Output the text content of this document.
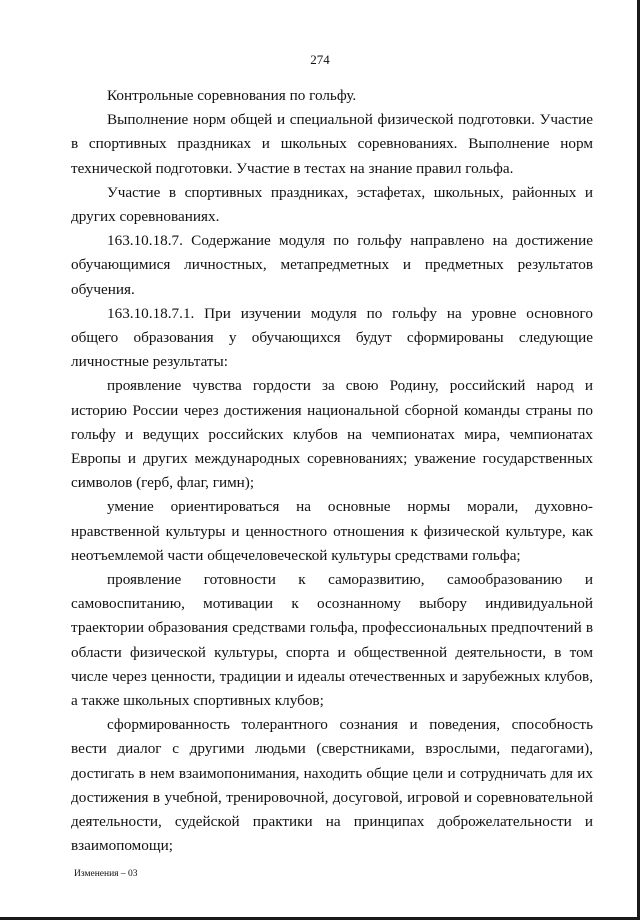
274

Контрольные соревнования по гольфу.

Выполнение норм общей и специальной физической подготовки. Участие в спортивных праздниках и школьных соревнованиях. Выполнение норм технической подготовки. Участие в тестах на знание правил гольфа.

Участие в спортивных праздниках, эстафетах, школьных, районных и других соревнованиях.

163.10.18.7. Содержание модуля по гольфу направлено на достижение обучающимися личностных, метапредметных и предметных результатов обучения.

163.10.18.7.1. При изучении модуля по гольфу на уровне основного общего образования у обучающихся будут сформированы следующие личностные результаты:

проявление чувства гордости за свою Родину, российский народ и историю России через достижения национальной сборной команды страны по гольфу и ведущих российских клубов на чемпионатах мира, чемпионатах Европы и других международных соревнованиях; уважение государственных символов (герб, флаг, гимн);

умение ориентироваться на основные нормы морали, духовно-нравственной культуры и ценностного отношения к физической культуре, как неотъемлемой части общечеловеческой культуры средствами гольфа;

проявление готовности к саморазвитию, самообразованию и самовоспитанию, мотивации к осознанному выбору индивидуальной траектории образования средствами гольфа, профессиональных предпочтений в области физической культуры, спорта и общественной деятельности, в том числе через ценности, традиции и идеалы отечественных и зарубежных клубов, а также школьных спортивных клубов;

сформированность толерантного сознания и поведения, способность вести диалог с другими людьми (сверстниками, взрослыми, педагогами), достигать в нем взаимопонимания, находить общие цели и сотрудничать для их достижения в учебной, тренировочной, досуговой, игровой и соревновательной деятельности, судейской практики на принципах доброжелательности и взаимопомощи;

Изменения – 03
